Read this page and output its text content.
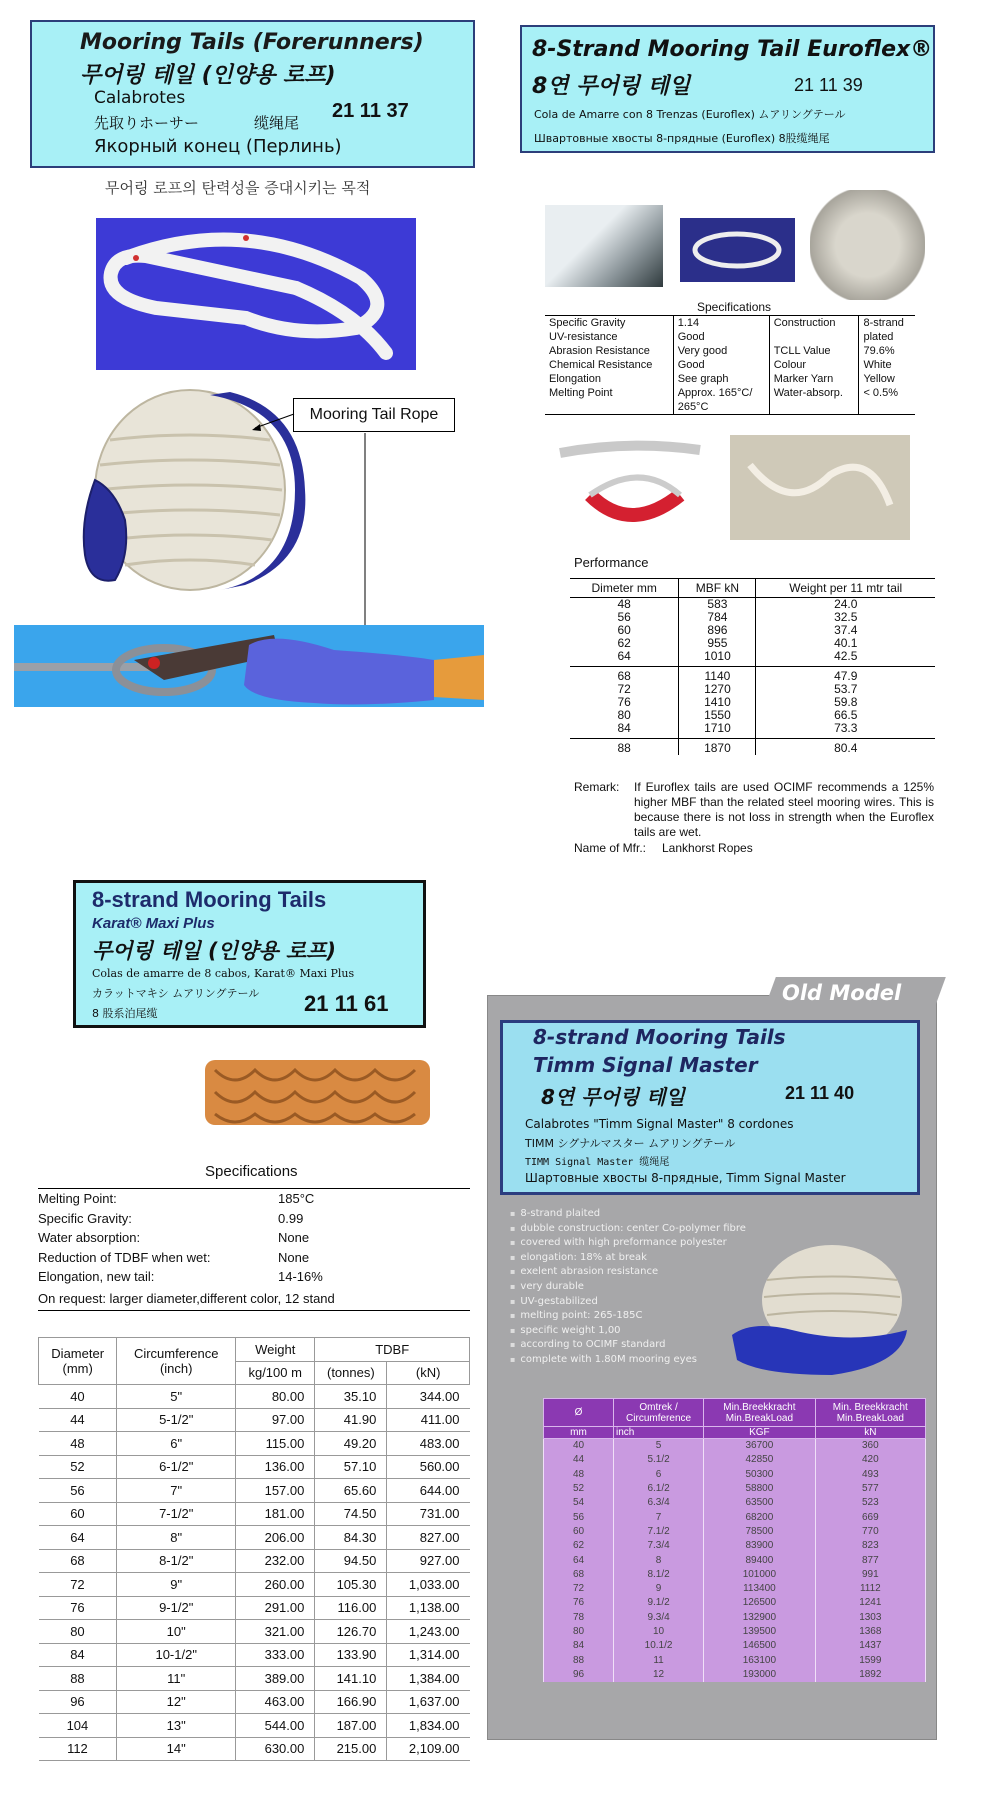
Mooring Tails (Forerunners)
무어링 테일 (인양용 로프)
Calabrotes
先取りホーサー	缆绳尾
21 11 37
Якорный конец (Перлинь)
무어링 로프의 탄력성을 증대시키는 목적
Mooring Tail Rope
8-Strand Mooring Tail Euroflex®
8연 무어링 테일	21 11 39
Cola de Amarre con 8 Trenzas (Euroflex) ムアリングテール
Швартовные хвосты 8-прядные (Euroflex) 8股缆绳尾
Specifications
Specific Gravity	1.14	Construction	8-strand
UV-resistance	Good		plated
Abrasion Resistance	Very good	TCLL Value	79.6%
Chemical Resistance	Good	Colour	White
Elongation	See graph	Marker Yarn	Yellow
Melting Point	Approx. 165°C/	Water-absorp.	< 0.5%
	265°C		
Performance
Dimeter mm	MBF kN	Weight per 11 mtr tail
48	583	24.0
56	784	32.5
60	896	37.4
62	955	40.1
64	1010	42.5
68	1140	47.9
72	1270	53.7
76	1410	59.8
80	1550	66.5
84	1710	73.3
88	1870	80.4
Remark: If Euroflex tails are used OCIMF recommends a 125% higher MBF than the related steel mooring wires. This is because there is not loss in strength when the Euroflex tails are wet.
Name of Mfr.: Lankhorst Ropes
8-strand Mooring Tails
Karat® Maxi Plus
무어링 테일 (인양용 로프)
Colas de amarre de 8 cabos, Karat® Maxi Plus
カラットマキシ ムアリングテール
8 股系泊尾缆	21 11 61
Specifications
Melting Point:	185°C
Specific Gravity:	0.99
Water absorption:	None
Reduction of TDBF when wet:	None
Elongation, new tail:	14-16%
On request: larger diameter,different color, 12 stand
Diameter
(mm)	Circumference
(inch)	Weight	TDBF	
		kg/100 m	(tonnes)	(kN)
40	5"	80.00	35.10	344.00
44	5-1/2"	97.00	41.90	411.00
48	6"	115.00	49.20	483.00
52	6-1/2"	136.00	57.10	560.00
56	7"	157.00	65.60	644.00
60	7-1/2"	181.00	74.50	731.00
64	8"	206.00	84.30	827.00
68	8-1/2"	232.00	94.50	927.00
72	9"	260.00	105.30	1,033.00
76	9-1/2"	291.00	116.00	1,138.00
80	10"	321.00	126.70	1,243.00
84	10-1/2"	333.00	133.90	1,314.00
88	11"	389.00	141.10	1,384.00
96	12"	463.00	166.90	1,637.00
104	13"	544.00	187.00	1,834.00
112	14"	630.00	215.00	2,109.00
Old Model
8-strand Mooring Tails
Timm Signal Master
8연 무어링 테일	21 11 40
Calabrotes "Timm Signal Master" 8 cordones
TIMM シグナルマスター ムアリングテール
TIMM Signal Master 缆绳尾
Шартовные хвосты 8-прядные, Timm Signal Master
▪ 8-strand plaited
▪ dubble construction: center Co-polymer fibre
▪ covered with high preformance polyester
▪ elongation: 18% at break
▪ exelent abrasion resistance
▪ very durable
▪ UV-gestabilized
▪ melting point: 265-185C
▪ specific weight 1,00
▪ according to OCIMF standard
▪ complete with 1.80M mooring eyes
Ø	Omtrek / Circumference	Min.Breekkracht Min.BreakLoad	Min. Breekkracht Min.BreakLoad
mm	inch	KGF	kN
40	5	36700	360
44	5.1/2	42850	420
48	6	50300	493
52	6.1/2	58800	577
54	6.3/4	63500	523
56	7	68200	669
60	7.1/2	78500	770
62	7.3/4	83900	823
64	8	89400	877
68	8.1/2	101000	991
72	9	113400	1112
76	9.1/2	126500	1241
78	9.3/4	132900	1303
80	10	139500	1368
84	10.1/2	146500	1437
88	11	163100	1599
96	12	193000	1892
